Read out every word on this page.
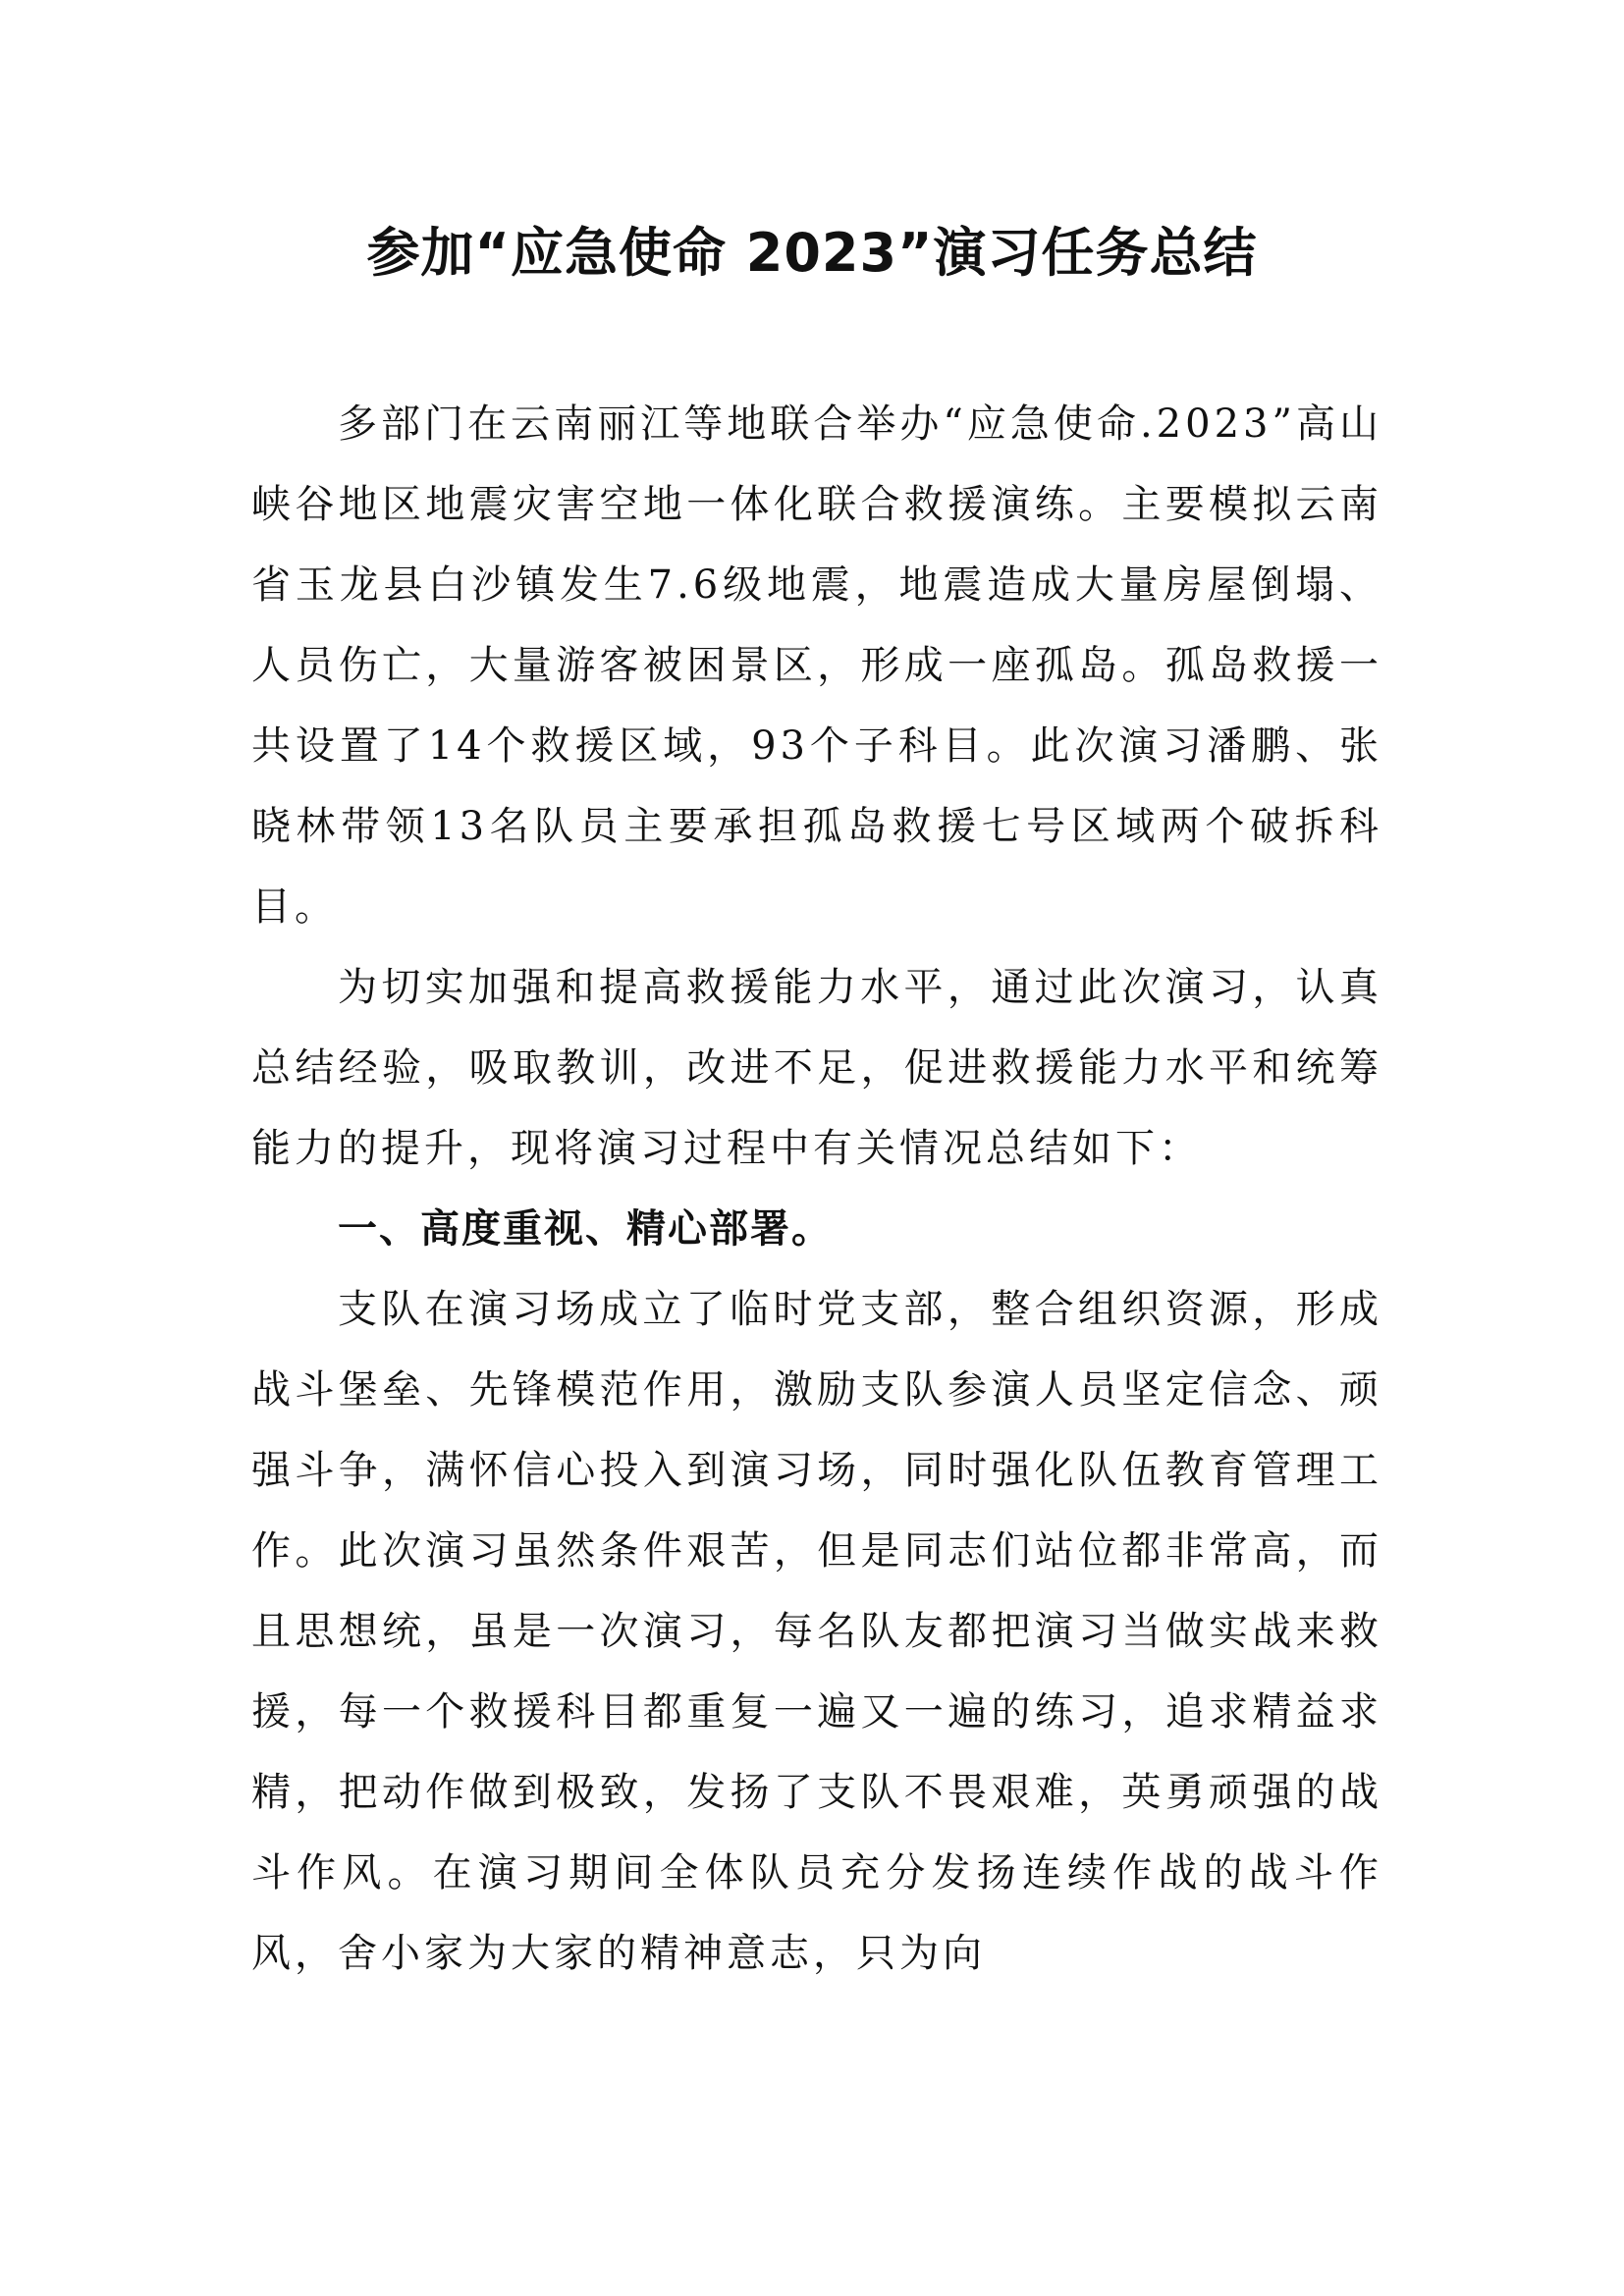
参加“应急使命 2023”演习任务总结

多部门在云南丽江等地联合举办“应急使命.2023”高山峡谷地区地震灾害空地一体化联合救援演练。主要模拟云南省玉龙县白沙镇发生7.6级地震，地震造成大量房屋倒塌、人员伤亡，大量游客被困景区，形成一座孤岛。孤岛救援一共设置了14个救援区域，93个子科目。此次演习潘鹏、张晓林带领13名队员主要承担孤岛救援七号区域两个破拆科目。

为切实加强和提高救援能力水平，通过此次演习，认真总结经验，吸取教训，改进不足，促进救援能力水平和统筹能力的提升，现将演习过程中有关情况总结如下：

一、高度重视、精心部署。

支队在演习场成立了临时党支部，整合组织资源，形成战斗堡垒、先锋模范作用，激励支队参演人员坚定信念、顽强斗争，满怀信心投入到演习场，同时强化队伍教育管理工作。此次演习虽然条件艰苦，但是同志们站位都非常高，而且思想统，虽是一次演习，每名队友都把演习当做实战来救援，每一个救援科目都重复一遍又一遍的练习，追求精益求精，把动作做到极致，发扬了支队不畏艰难，英勇顽强的战斗作风。在演习期间全体队员充分发扬连续作战的战斗作风，舍小家为大家的精神意志，只为向
